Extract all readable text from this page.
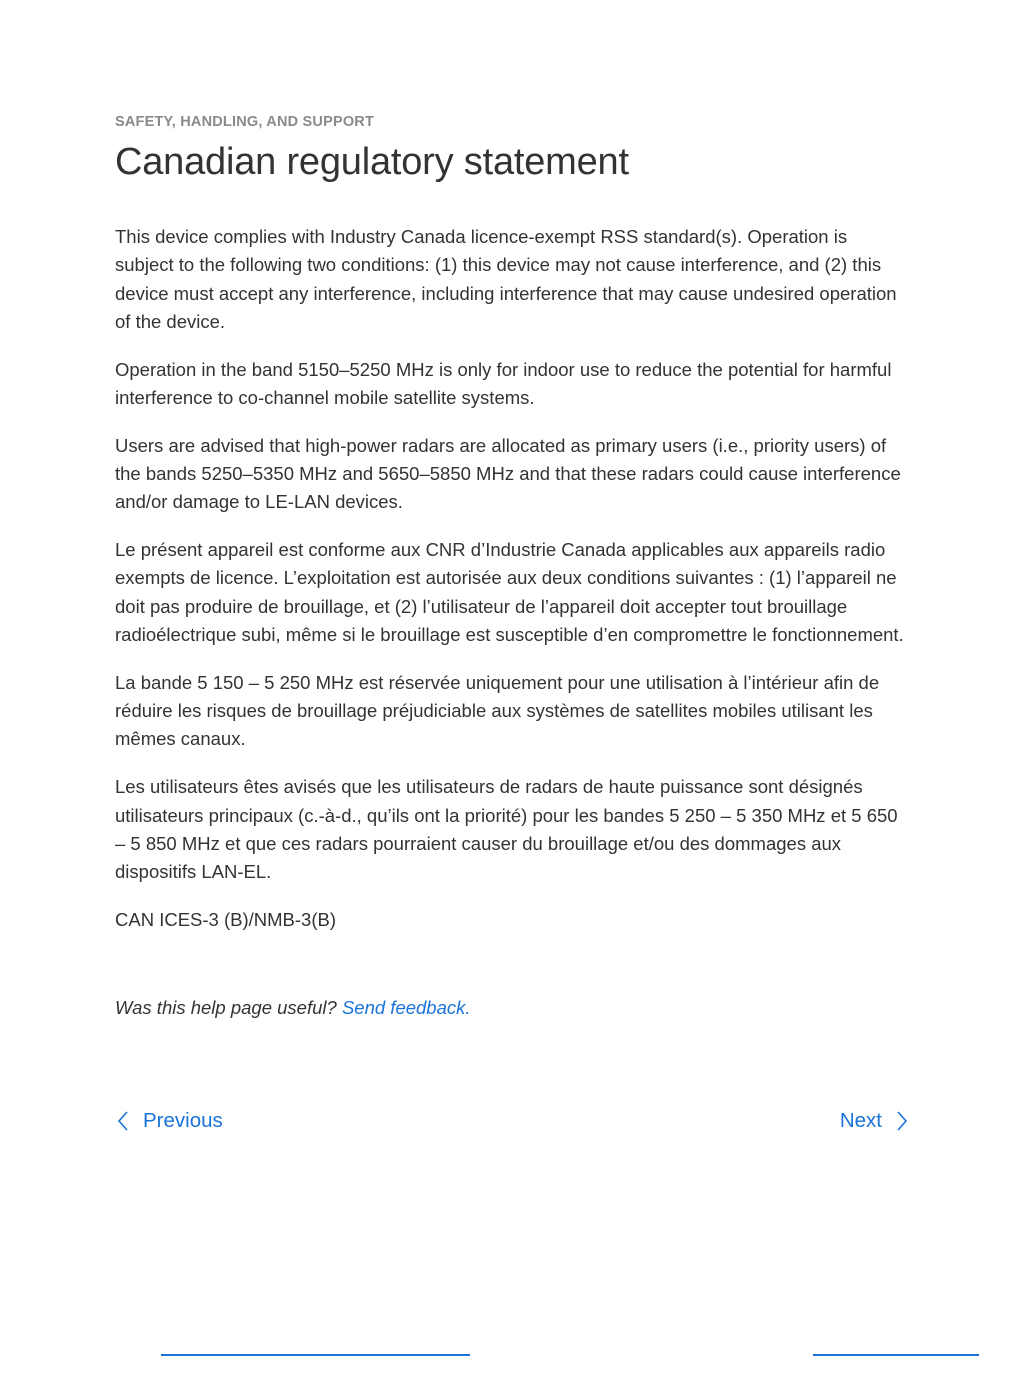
SAFETY, HANDLING, AND SUPPORT
Canadian regulatory statement

This device complies with Industry Canada licence-exempt RSS standard(s). Operation is subject to the following two conditions: (1) this device may not cause interference, and (2) this device must accept any interference, including interference that may cause undesired operation of the device.

Operation in the band 5150–5250 MHz is only for indoor use to reduce the potential for harmful interference to co-channel mobile satellite systems.

Users are advised that high-power radars are allocated as primary users (i.e., priority users) of the bands 5250–5350 MHz and 5650–5850 MHz and that these radars could cause interference and/or damage to LE-LAN devices.

Le présent appareil est conforme aux CNR d’Industrie Canada applicables aux appareils radio exempts de licence. L’exploitation est autorisée aux deux conditions suivantes : (1) l’appareil ne doit pas produire de brouillage, et (2) l’utilisateur de l’appareil doit accepter tout brouillage radioélectrique subi, même si le brouillage est susceptible d’en compromettre le fonctionnement.

La bande 5 150 – 5 250 MHz est réservée uniquement pour une utilisation à l’intérieur afin de réduire les risques de brouillage préjudiciable aux systèmes de satellites mobiles utilisant les mêmes canaux.

Les utilisateurs êtes avisés que les utilisateurs de radars de haute puissance sont désignés utilisateurs principaux (c.-à-d., qu’ils ont la priorité) pour les bandes 5 250 – 5 350 MHz et 5 650 – 5 850 MHz et que ces radars pourraient causer du brouillage et/ou des dommages aux dispositifs LAN-EL.

CAN ICES-3 (B)/NMB-3(B)

Was this help page useful? Send feedback.
Previous	Next
